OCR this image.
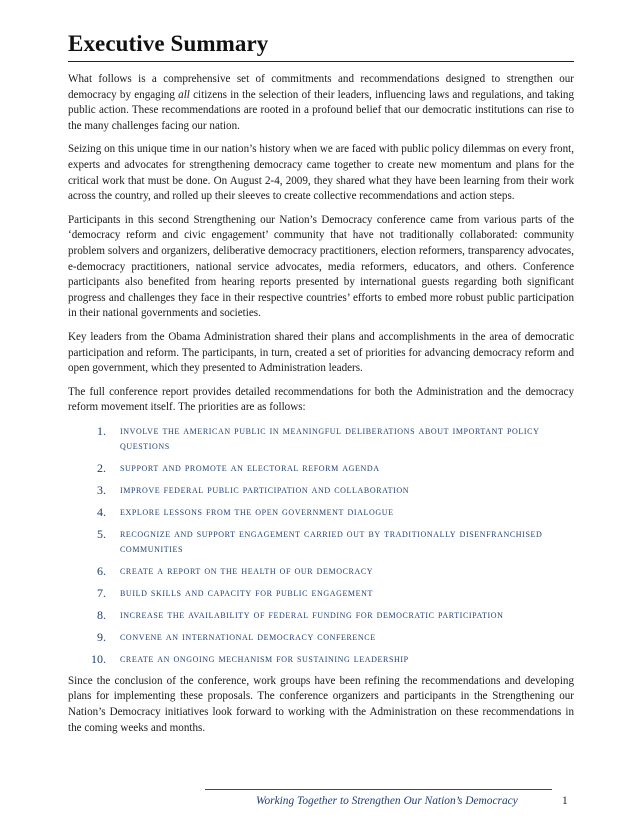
Executive Summary

What follows is a comprehensive set of commitments and recommendations designed to strengthen our democracy by engaging all citizens in the selection of their leaders, influencing laws and regulations, and taking public action. These recommendations are rooted in a profound belief that our democratic institutions can rise to the many challenges facing our nation.

Seizing on this unique time in our nation’s history when we are faced with public policy dilemmas on every front, experts and advocates for strengthening democracy came together to create new momentum and plans for the critical work that must be done. On August 2-4, 2009, they shared what they have been learning from their work across the country, and rolled up their sleeves to create collective recommendations and action steps.

Participants in this second Strengthening our Nation’s Democracy conference came from various parts of the ‘democracy reform and civic engagement’ community that have not traditionally collaborated: community problem solvers and organizers, deliberative democracy practitioners, election reformers, transparency advocates, e-democracy practitioners, national service advocates, media reformers, educators, and others. Conference participants also benefited from hearing reports presented by international guests regarding both significant progress and challenges they face in their respective countries’ efforts to embed more robust public participation in their national governments and societies.

Key leaders from the Obama Administration shared their plans and accomplishments in the area of democratic participation and reform. The participants, in turn, created a set of priorities for advancing democracy reform and open government, which they presented to Administration leaders.

The full conference report provides detailed recommendations for both the Administration and the democracy reform movement itself. The priorities are as follows:

1.	involve the american public in meaningful deliberations about important policy questions
2.	support and promote an electoral reform agenda
3.	improve federal public participation and collaboration
4.	explore lessons from the open government dialogue
5.	recognize and support engagement carried out by traditionally disenfranchised communities
6.	create a report on the health of our democracy
7.	build skills and capacity for public engagement
8.	increase the availability of federal funding for democratic participation
9.	convene an international democracy conference
10.	create an ongoing mechanism for sustaining leadership

Since the conclusion of the conference, work groups have been refining the recommendations and developing plans for implementing these proposals. The conference organizers and participants in the Strengthening our Nation’s Democracy initiatives look forward to working with the Administration on these recommendations in the coming weeks and months.

Working Together to Strengthen Our Nation’s Democracy	1
